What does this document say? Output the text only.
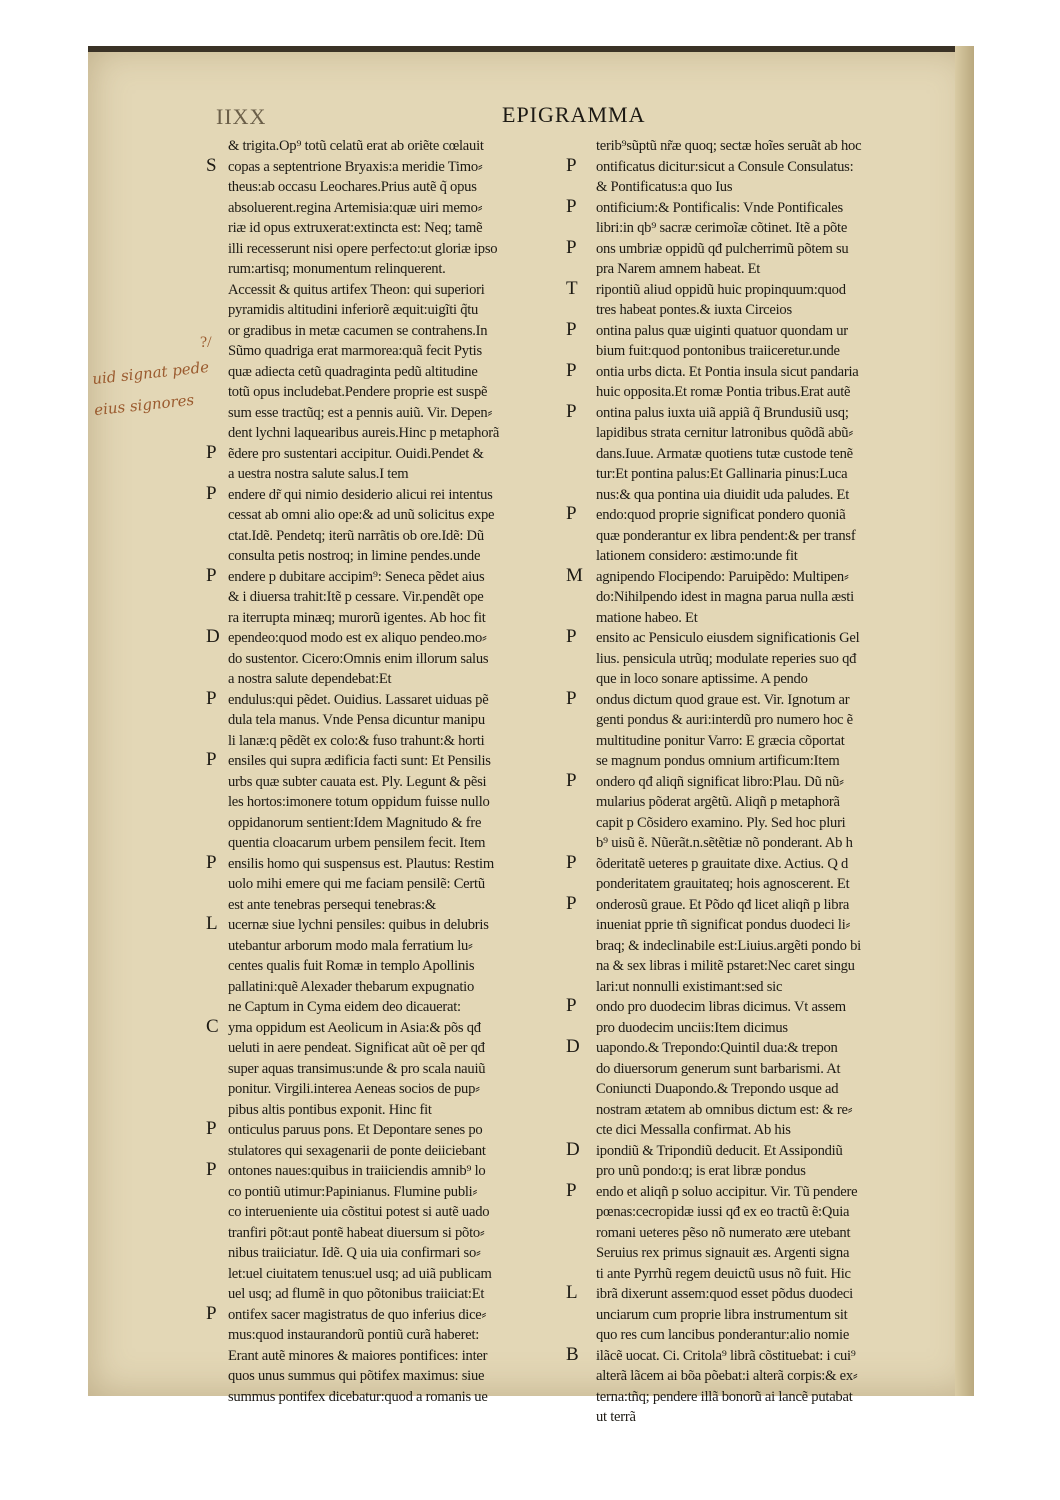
IIXX	EPIGRAMMA
& trigita.Op⁹ totũ celatũ erat ab oriẽte cœlauit
copas a septentrione Bryaxis:a meridie Timo⸗
theus:ab occasu Leochares.Prius autẽ q̃ opus
absoluerent.regina Artemisia:quæ uiri memo⸗
riæ id opus extruxerat:extincta est: Neq; tamẽ
illi recesserunt nisi opere perfecto:ut gloriæ ipso
rum:artisq; monumentum relinquerent.
Accessit & quitus artifex Theon: qui superiori
pyramidis altitudini inferiorẽ æquit:uigĩti q̃tu
or gradibus in metæ cacumen se contrahens.In
Sũmo quadriga erat marmorea:quã fecit Pytis
quæ adiecta cetũ quadraginta pedũ altitudine
totũ opus includebat.Pendere proprie est suspẽ
sum esse tractũq; est a pennis auiũ. Vir. Depen⸗
dent lychni laquearibus aureis.Hinc p metaphorã
ẽdere pro sustentari accipitur. Ouidi.Pendet &
a uestra nostra salute salus.I tem
endere dr̃ qui nimio desiderio alicui rei intentus
cessat ab omni alio ope:& ad unũ solicitus expe
ctat.Idẽ. Pendetq; iterũ narrãtis ob ore.Idẽ: Dũ
consulta petis nostroq; in limine pendes.unde
endere p dubitare accipim⁹: Seneca pẽdet aius
& i diuersa trahit:Itẽ p cessare. Vir.pendẽt ope
ra iterrupta minæq; murorũ igentes. Ab hoc fit
ependeo:quod modo est ex aliquo pendeo.mo⸗
do sustentor. Cicero:Omnis enim illorum salus
a nostra salute dependebat:Et
endulus:qui pẽdet. Ouidius. Lassaret uiduas pẽ
dula tela manus. Vnde Pensa dicuntur manipu
li lanæ:q pẽdẽt ex colo:& fuso trahunt:& horti
ensiles qui supra ædificia facti sunt: Et Pensilis
urbs quæ subter cauata est. Ply. Legunt & pẽsi
les hortos:imonere totum oppidum fuisse nullo
oppidanorum sentient:Idem Magnitudo & fre
quentia cloacarum urbem pensilem fecit. Item
ensilis homo qui suspensus est. Plautus: Restim
uolo mihi emere qui me faciam pensilẽ: Certũ
est ante tenebras persequi tenebras:&
ucernæ siue lychni pensiles: quibus in delubris
utebantur arborum modo mala ferratium lu⸗
centes qualis fuit Romæ in templo Apollinis
pallatini:quẽ Alexader thebarum expugnatio
ne Captum in Cyma eidem deo dicauerat:
yma oppidum est Aeolicum in Asia:& põs qđ
ueluti in aere pendeat. Significat aũt oẽ per qđ
super aquas transimus:unde & pro scala nauiũ
ponitur. Virgili.interea Aeneas socios de pup⸗
pibus altis pontibus exponit. Hinc fit
onticulus paruus pons. Et Depontare senes po
stulatores qui sexagenarii de ponte deiiciebant
ontones naues:quibus in traiiciendis amnib⁹ lo
co pontiũ utimur:Papinianus. Flumine publi⸗
co interueniente uia cõstitui potest si autẽ uado
tranfiri põt:aut pontẽ habeat diuersum si põto⸗
nibus traiiciatur. Idẽ. Q uia uia confirmari so⸗
let:uel ciuitatem tenus:uel usq; ad uiã publicam
uel usq; ad flumẽ in quo põtonibus traiiciat:Et
ontifex sacer magistratus de quo inferius dice⸗
mus:quod instaurandorũ pontiũ curã haberet:
Erant autẽ minores & maiores pontifices: inter
quos unus summus qui põtifex maximus: siue
summus pontifex dicebatur:quod a romanis ue
terib⁹sũptũ nr̃æ quoq; sectæ hoĩes seruãt ab hoc
ontificatus dicitur:sicut a Consule Consulatus:
& Pontificatus:a quo Ius
ontificium:& Pontificalis: Vnde Pontificales
libri:in qb⁹ sacræ cerimoĩæ cõtinet. Itẽ a põte
ons umbriæ oppidũ qđ pulcherrimũ põtem su
pra Narem amnem habeat. Et
ripontiũ aliud oppidũ huic propinquum:quod
tres habeat pontes.& iuxta Circeios
ontina palus quæ uiginti quatuor quondam ur
bium fuit:quod pontonibus traiiceretur.unde
ontia urbs dicta. Et Pontia insula sicut pandaria
huic opposita.Et romæ Pontia tribus.Erat autẽ
ontina palus iuxta uiã appiã q̃ Brundusiũ usq;
lapidibus strata cernitur latronibus quõdã abũ⸗
dans.Iuue. Armatæ quotiens tutæ custode tenẽ
tur:Et pontina palus:Et Gallinaria pinus:Luca
nus:& qua pontina uia diuidit uda paludes. Et
endo:quod proprie significat pondero quoniã
quæ ponderantur ex libra pendent:& per transf
lationem considero: æstimo:unde fit
agnipendo Flocipendo: Paruipẽdo: Multipen⸗
do:Nihilpendo idest in magna parua nulla æsti
matione habeo. Et
ensito ac Pensiculo eiusdem significationis Gel
lius. pensicula utrũq; modulate reperies suo qđ
que in loco sonare aptissime. A pendo
ondus dictum quod graue est. Vir. Ignotum ar
genti pondus & auri:interdũ pro numero hoc ẽ
multitudine ponitur Varro: E græcia cõportat
se magnum pondus omnium artificum:Item
ondero qđ aliqñ significat libro:Plau. Dũ nũ⸗
mularius põderat argẽtũ. Aliqñ p metaphorã
capit p Cõsidero examino. Ply. Sed hoc pluri
b⁹ uisũ ẽ. Nũerãt.n.sẽtẽtiæ nõ ponderant. Ab h
õderitatẽ ueteres p grauitate dixe. Actius. Q d
ponderitatem grauitateq; hois agnoscerent. Et
onderosũ graue. Et Põdo qđ licet aliqñ p libra
inueniat pprie tñ significat pondus duodeci li⸗
braq; & indeclinabile est:Liuius.argẽti pondo bi
na & sex libras i militẽ pstaret:Nec caret singu
lari:ut nonnulli existimant:sed sic
ondo pro duodecim libras dicimus. Vt assem
pro duodecim unciis:Item dicimus
uapondo.& Trepondo:Quintil dua:& trepon
do diuersorum generum sunt barbarismi. At
Coniuncti Duapondo.& Trepondo usque ad
nostram ætatem ab omnibus dictum est: & re⸗
cte dici Messalla confirmat. Ab his
ipondiũ & Tripondiũ deducit. Et Assipondiũ
pro unũ pondo:q; is erat libræ pondus
endo et aliqñ p soluo accipitur. Vir. Tũ pendere
pœnas:cecropidæ iussi qđ ex eo tractũ ẽ:Quia
romani ueteres pẽso nõ numerato ære utebant
Seruius rex primus signauit æs. Argenti signa
ti ante Pyrrhũ regem deuictũ usus nõ fuit. Hic
ibrã dixerunt assem:quod esset põdus duodeci
unciarum cum proprie libra instrumentum sit
quo res cum lancibus ponderantur:alio nomie
ilãcẽ uocat. Ci. Critola⁹ librã cõstituebat: i cui⁹
alterã lãcem ai bõa põebat:i alterã corpis:& ex⸗
terna:tñq; pendere illã bonorũ ai lancẽ putabat
ut terrã
?/
uid signat pede
eius signores
S
P
P
P
D
P
P
P
L
C
P
P
P
P
P
P
T
P
P
P
P
M
P
P
P
P
P
P
D
D
P
L
B
